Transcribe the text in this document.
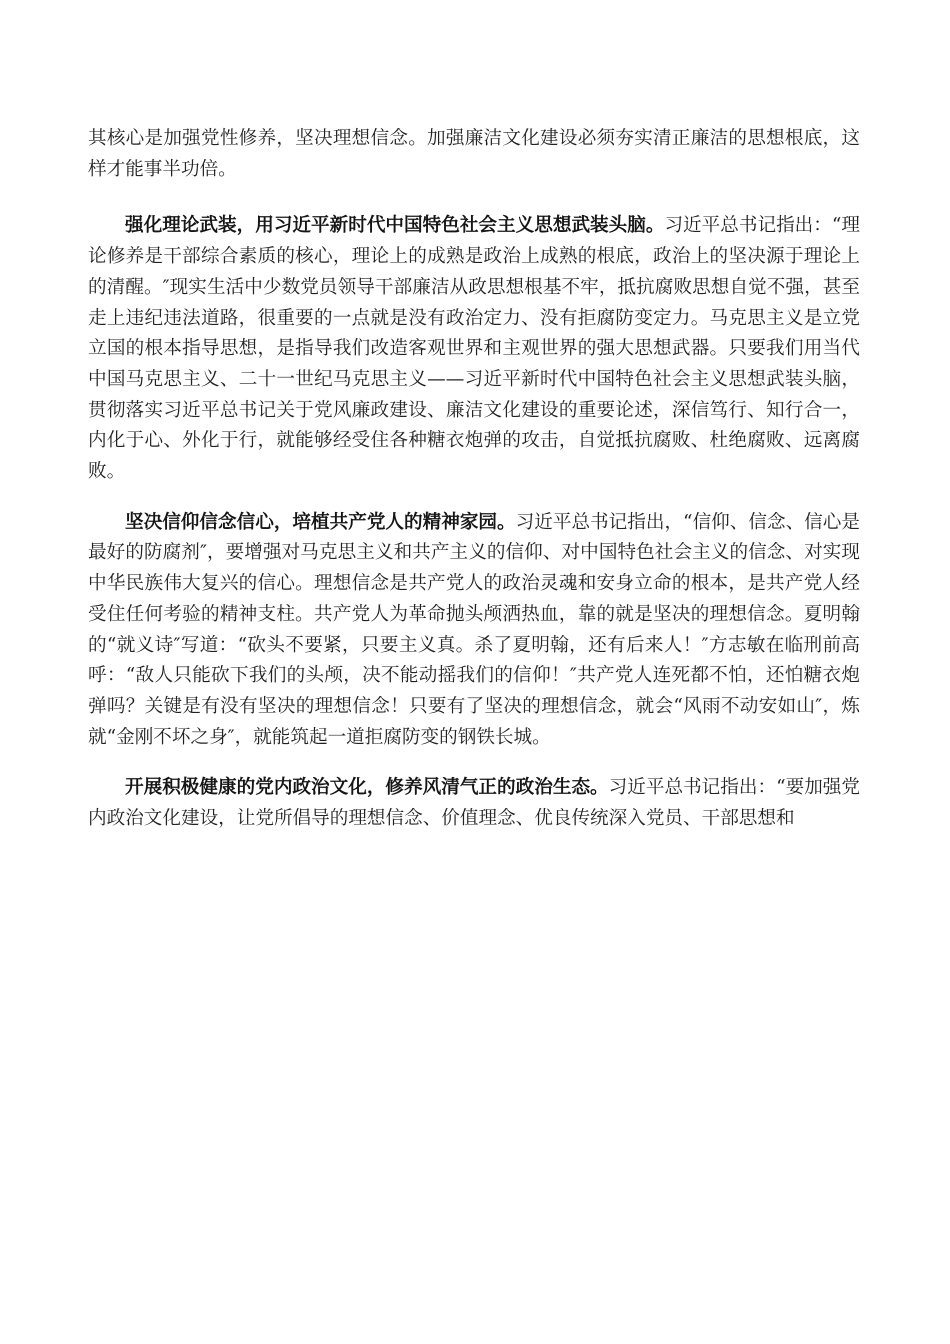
其核心是加强党性修养，坚决理想信念。加强廉洁文化建设必须夯实清正廉洁的思想根底，这样才能事半功倍。

强化理论武装，用习近平新时代中国特色社会主义思想武装头脑。习近平总书记指出：“理论修养是干部综合素质的核心，理论上的成熟是政治上成熟的根底，政治上的坚决源于理论上的清醒。″现实生活中少数党员领导干部廉洁从政思想根基不牢，抵抗腐败思想自觉不强，甚至走上违纪违法道路，很重要的一点就是没有政治定力、没有拒腐防变定力。马克思主义是立党立国的根本指导思想，是指导我们改造客观世界和主观世界的强大思想武器。只要我们用当代中国马克思主义、二十一世纪马克思主义——习近平新时代中国特色社会主义思想武装头脑，贯彻落实习近平总书记关于党风廉政建设、廉洁文化建设的重要论述，深信笃行、知行合一，内化于心、外化于行，就能够经受住各种糖衣炮弹的攻击，自觉抵抗腐败、杜绝腐败、远离腐败。

坚决信仰信念信心，培植共产党人的精神家园。习近平总书记指出，“信仰、信念、信心是最好的防腐剂″，要增强对马克思主义和共产主义的信仰、对中国特色社会主义的信念、对实现中华民族伟大复兴的信心。理想信念是共产党人的政治灵魂和安身立命的根本，是共产党人经受住任何考验的精神支柱。共产党人为革命抛头颅洒热血，靠的就是坚决的理想信念。夏明翰的“就义诗″写道：“砍头不要紧，只要主义真。杀了夏明翰，还有后来人！″方志敏在临刑前高呼：“敌人只能砍下我们的头颅，决不能动摇我们的信仰！″共产党人连死都不怕，还怕糖衣炮弹吗？关键是有没有坚决的理想信念！只要有了坚决的理想信念，就会“风雨不动安如山″，炼就“金刚不坏之身″，就能筑起一道拒腐防变的钢铁长城。

开展积极健康的党内政治文化，修养风清气正的政治生态。习近平总书记指出：“要加强党内政治文化建设，让党所倡导的理想信念、价值理念、优良传统深入党员、干部思想和
